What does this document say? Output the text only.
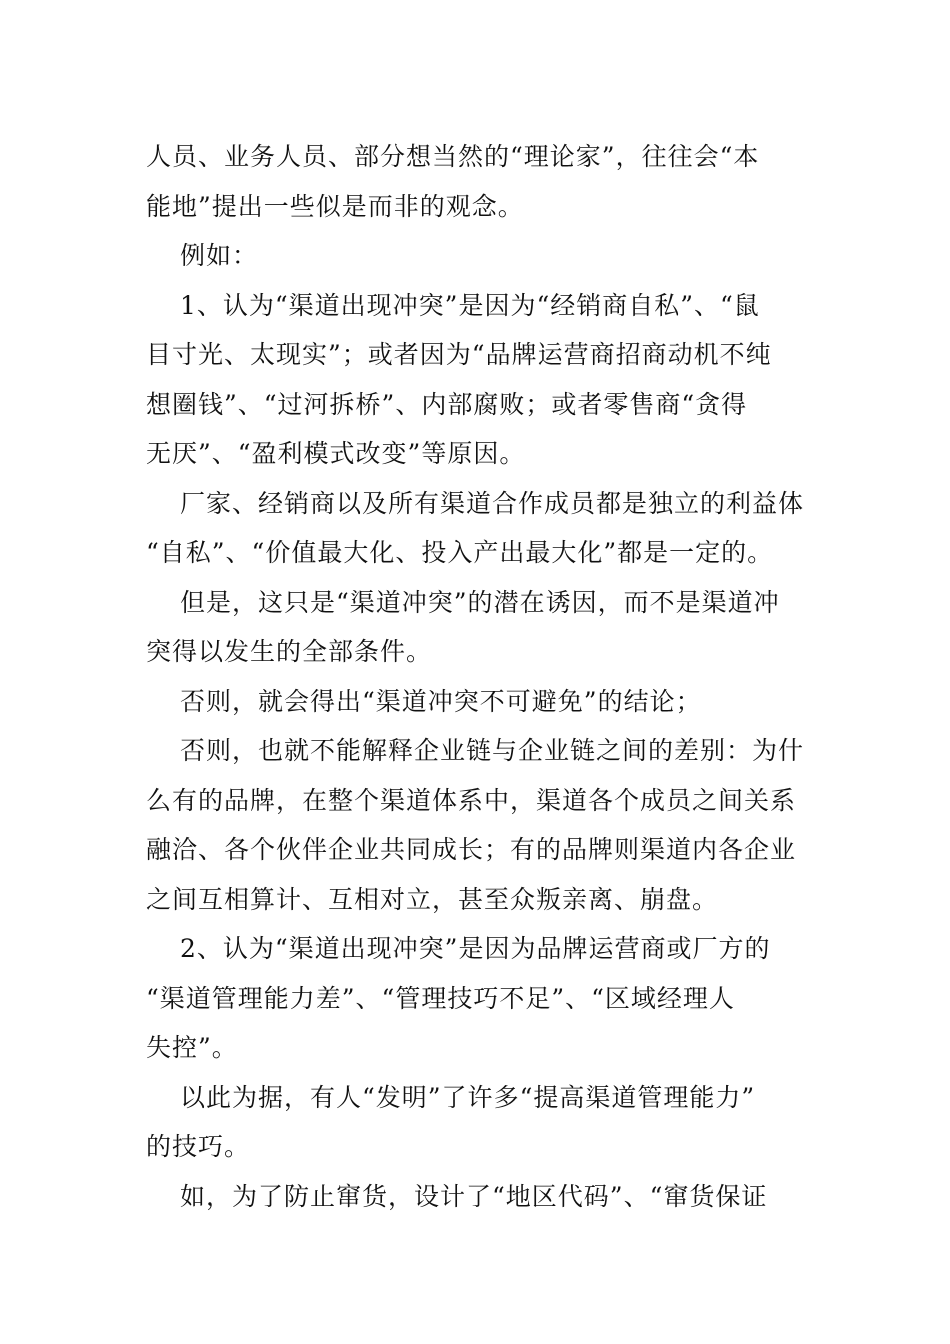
人员、业务人员、部分想当然的“理论家”，往往会“本
能地”提出一些似是而非的观念。

例如：

1、认为“渠道出现冲突”是因为“经销商自私”、“鼠
目寸光、太现实”；或者因为“品牌运营商招商动机不纯
想圈钱”、“过河拆桥”、内部腐败；或者零售商“贪得
无厌”、“盈利模式改变”等原因。

厂家、经销商以及所有渠道合作成员都是独立的利益体
“自私”、“价值最大化、投入产出最大化”都是一定的。

但是，这只是“渠道冲突”的潜在诱因，而不是渠道冲
突得以发生的全部条件。

否则，就会得出“渠道冲突不可避免”的结论；

否则，也就不能解释企业链与企业链之间的差别：为什
么有的品牌，在整个渠道体系中，渠道各个成员之间关系
融洽、各个伙伴企业共同成长；有的品牌则渠道内各企业
之间互相算计、互相对立，甚至众叛亲离、崩盘。

2、认为“渠道出现冲突”是因为品牌运营商或厂方的
“渠道管理能力差”、“管理技巧不足”、“区域经理人
失控”。

以此为据，有人“发明”了许多“提高渠道管理能力”
的技巧。

如，为了防止窜货，设计了“地区代码”、“窜货保证
